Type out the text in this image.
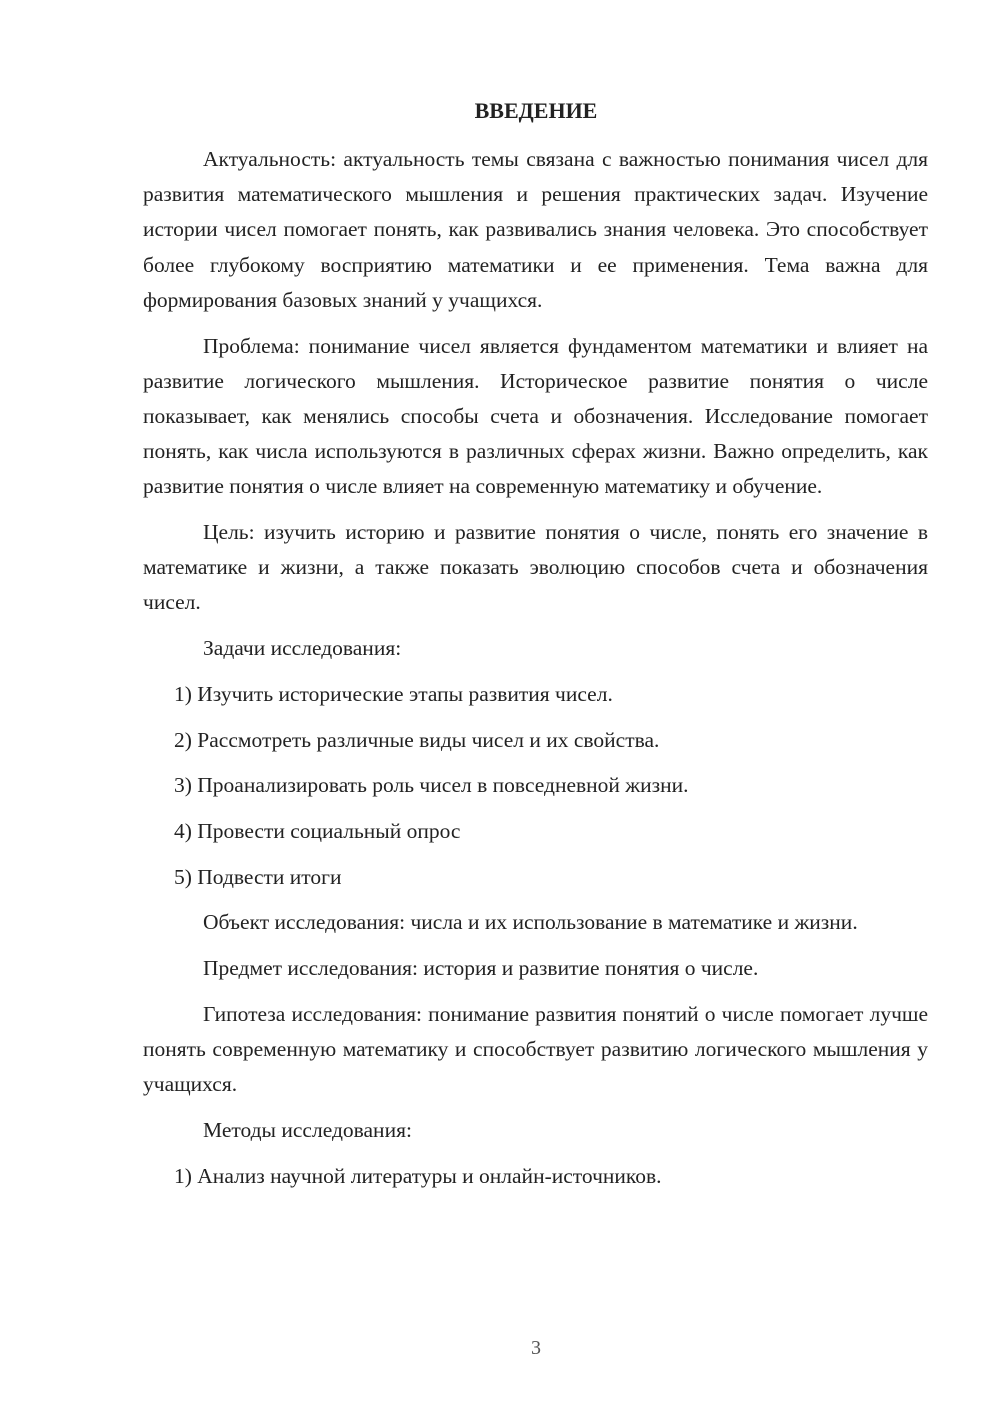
ВВЕДЕНИЕ

Актуальность: актуальность темы связана с важностью понимания чисел для развития математического мышления и решения практических задач. Изучение истории чисел помогает понять, как развивались знания человека. Это способствует более глубокому восприятию математики и ее применения. Тема важна для формирования базовых знаний у учащихся.

Проблема: понимание чисел является фундаментом математики и влияет на развитие логического мышления. Историческое развитие понятия о числе показывает, как менялись способы счета и обозначения. Исследование помогает понять, как числа используются в различных сферах жизни. Важно определить, как развитие понятия о числе влияет на современную математику и обучение.

Цель: изучить историю и развитие понятия о числе, понять его значение в математике и жизни, а также показать эволюцию способов счета и обозначения чисел.

Задачи исследования:

1) Изучить исторические этапы развития чисел.

2) Рассмотреть различные виды чисел и их свойства.

3) Проанализировать роль чисел в повседневной жизни.

4) Провести социальный опрос

5) Подвести итоги

Объект исследования: числа и их использование в математике и жизни.

Предмет исследования: история и развитие понятия о числе.

Гипотеза исследования: понимание развития понятий о числе помогает лучше понять современную математику и способствует развитию логического мышления у учащихся.

Методы исследования:

1) Анализ научной литературы и онлайн-источников.

3
